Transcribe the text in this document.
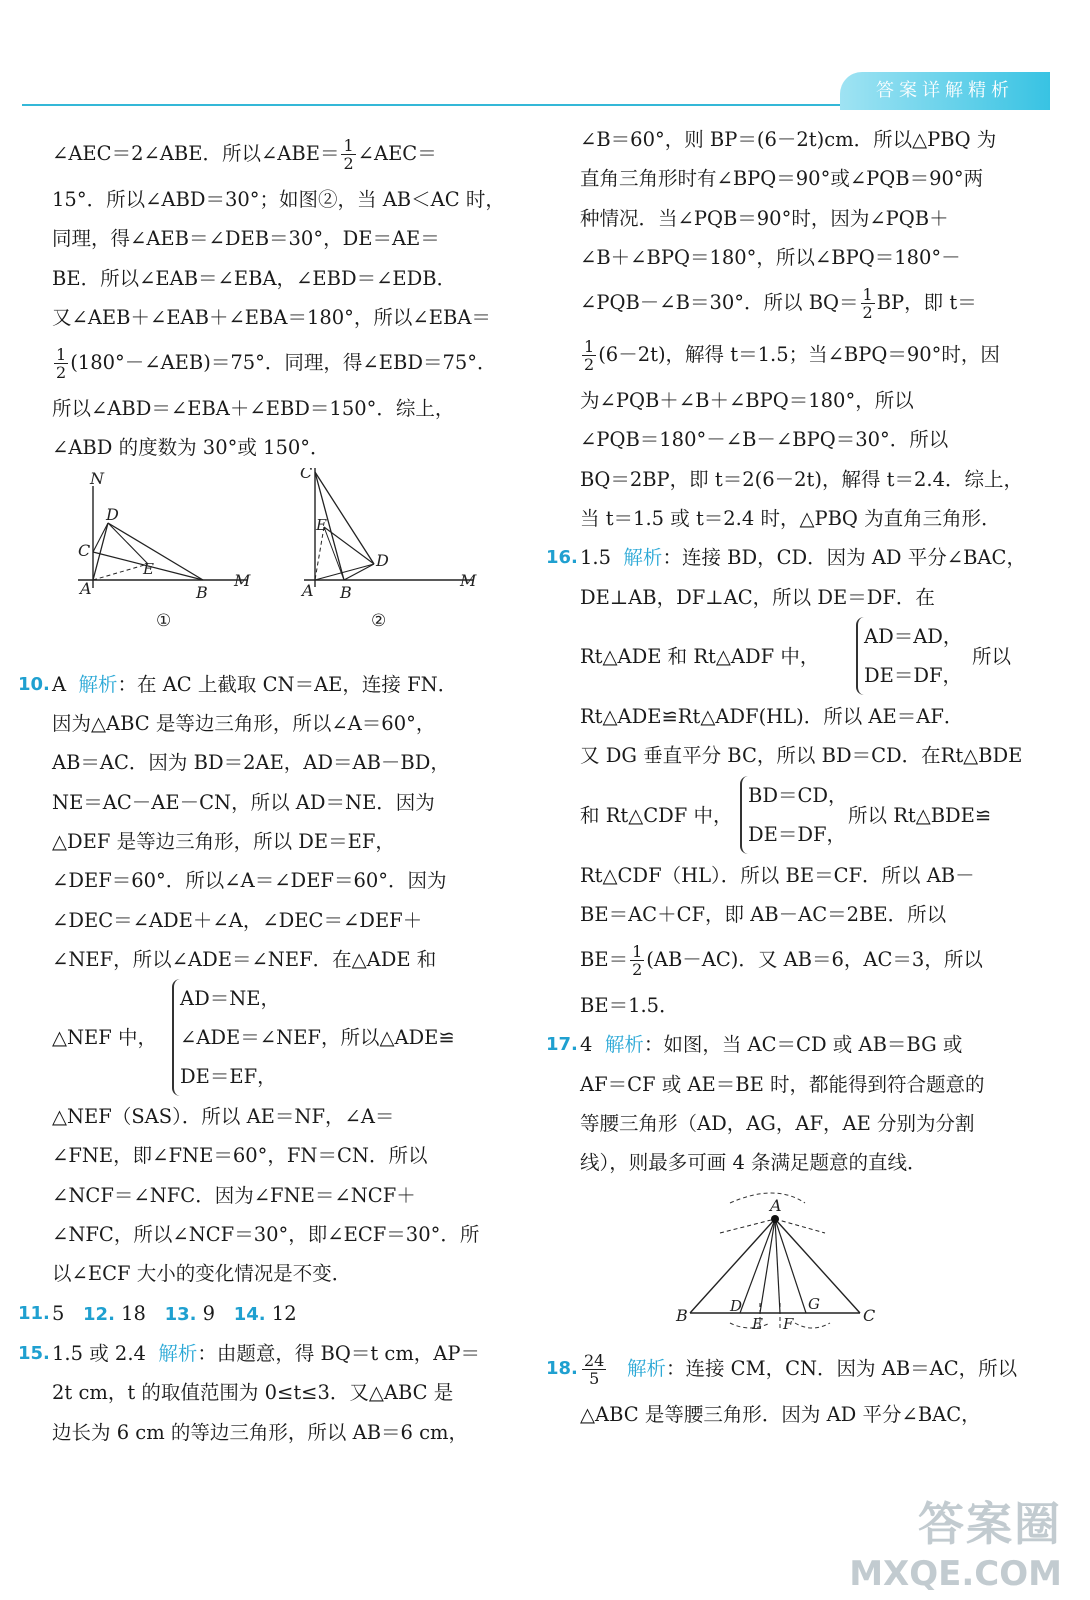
答案详解精析
∠AEC＝2∠ABE．所以∠ABE＝ $\frac{1}{2}$ ∠AEC＝
15°．所以∠ABD＝30°；如图②，当 AB＜AC 时，
同理，得∠AEB＝∠DEB＝30°，DE＝AE＝
BE．所以∠EAB＝∠EBA，∠EBD＝∠EDB．
又∠AEB＋∠EAB＋∠EBA＝180°，所以∠EBA＝
$\frac{1}{2}$ (180°－∠AEB)＝75°．同理，得∠EBD＝75°．
所以∠ABD＝∠EBA＋∠EBD＝150°．综上，
∠ABD 的度数为 30°或 150°．
N
D
C
E
A	B
M
①
C
E
D
A B
M
②
10. A 解析：在 AC 上截取 CN＝AE，连接 FN．
因为△ABC 是等边三角形，所以∠A＝60°，
AB＝AC．因为 BD＝2AE，AD＝AB－BD，
NE＝AC－AE－CN，所以 AD＝NE．因为
△DEF 是等边三角形，所以 DE＝EF，
∠DEF＝60°．所以∠A＝∠DEF＝60°．因为
∠DEC＝∠ADE＋∠A，∠DEC＝∠DEF＋
∠NEF，所以∠ADE＝∠NEF．在△ADE 和
△NEF 中，
AD＝NE，
∠ADE＝∠NEF，所以△ADE≌
DE＝EF，
△NEF（SAS）．所以 AE＝NF，∠A＝
∠FNE，即∠FNE＝60°，FN＝CN．所以
∠NCF＝∠NFC．因为∠FNE＝∠NCF＋
∠NFC，所以∠NCF＝30°，即∠ECF＝30°．所
以∠ECF 大小的变化情况是不变．
11. 5 12. 18 13. 9 14. 12
15. 1.5 或 2.4 解析：由题意，得 BQ＝t cm，AP＝
2t cm，t 的取值范围为 0≤t≤3．又△ABC 是
边长为 6 cm 的等边三角形，所以 AB＝6 cm，
∠B＝60°，则 BP＝(6－2t)cm．所以△PBQ 为
直角三角形时有∠BPQ＝90°或∠PQB＝90°两
种情况．当∠PQB＝90°时，因为∠PQB＋
∠B＋∠BPQ＝180°，所以∠BPQ＝180°－
∠PQB－∠B＝30°．所以 $BQ= \frac{1}{2}$ BP，即 t＝
$\frac{1}{2} (6-2t)$，解得 t＝1.5；当∠BPQ＝90°时，因
为∠PQB＋∠B＋∠BPQ＝180°，所以
∠PQB＝180°－∠B－∠BPQ＝30°．所以
BQ＝2BP，即 t＝2(6－2t)，解得 t＝2.4．综上，
当 t＝1.5 或 t＝2.4 时，△PBQ 为直角三角形．
16. 1.5 解析：连接 BD，CD．因为 AD 平分∠BAC，
DE⊥AB，DF⊥AC，所以 DE＝DF．在
Rt△ADE 和 Rt△ADF 中，
AD＝AD，
DE＝DF，
所以
Rt△ADE≌Rt△ADF(HL)．所以 AE＝AF．
又 DG 垂直平分 BC，所以 BD＝CD．在Rt△BDE
和 Rt△CDF 中，
BD＝CD，
DE＝DF，
所以 Rt△BDE≌
Rt△CDF（HL）．所以 BE＝CF．所以 AB－
BE＝AC＋CF，即 AB－AC＝2BE．所以
$BE= \frac{1}{2} (AB-AC)$．又 AB＝6，AC＝3，所以
BE＝1.5．
17. 4 解析：如图，当 AC＝CD 或 AB＝BG 或
AF＝CF 或 AE＝BE 时，都能得到符合题意的
等腰三角形（AD，AG，AF，AE 分别为分割
线），则最多可画 4 条满足题意的直线．
A
B	C
D	G
E F
18. $\frac{24}{5}$ 解析：连接 CM，CN．因为 AB＝AC，所以
△ABC 是等腰三角形．因为 AD 平分∠BAC，
答案圈
MXQE.COM
